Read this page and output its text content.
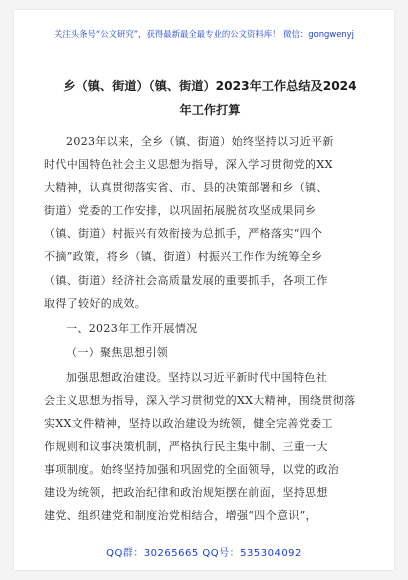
关注头条号“公文研究”，获得最新最全最专业的公文资料库！ 微信：gongwenyj
乡（镇、街道）（镇、街道）2023年工作总结及2024年工作打算
2023年以来，全乡（镇、街道）始终坚持以习近平新
时代中国特色社会主义思想为指导，深入学习贯彻党的XX
大精神，认真贯彻落实省、市、县的决策部署和乡（镇、
街道）党委的工作安排，以巩固拓展脱贫攻坚成果同乡
（镇、街道）村振兴有效衔接为总抓手，严格落实“四个
不摘”政策，将乡（镇、街道）村振兴工作作为统筹全乡
（镇、街道）经济社会高质量发展的重要抓手，各项工作
取得了较好的成效。
一、2023年工作开展情况
（一）聚焦思想引领
加强思想政治建设。坚持以习近平新时代中国特色社
会主义思想为指导，深入学习贯彻党的XX大精神，围绕贯彻落
实XX文件精神，坚持以政治建设为统领，健全完善党委工
作规则和议事决策机制，严格执行民主集中制、三重一大
事项制度。始终坚持加强和巩固党的全面领导，以党的政治
建设为统领，把政治纪律和政治规矩摆在前面，坚持思想
建党、组织建党和制度治党相结合，增强“四个意识”，
QQ群：30265665 QQ号：535304092
